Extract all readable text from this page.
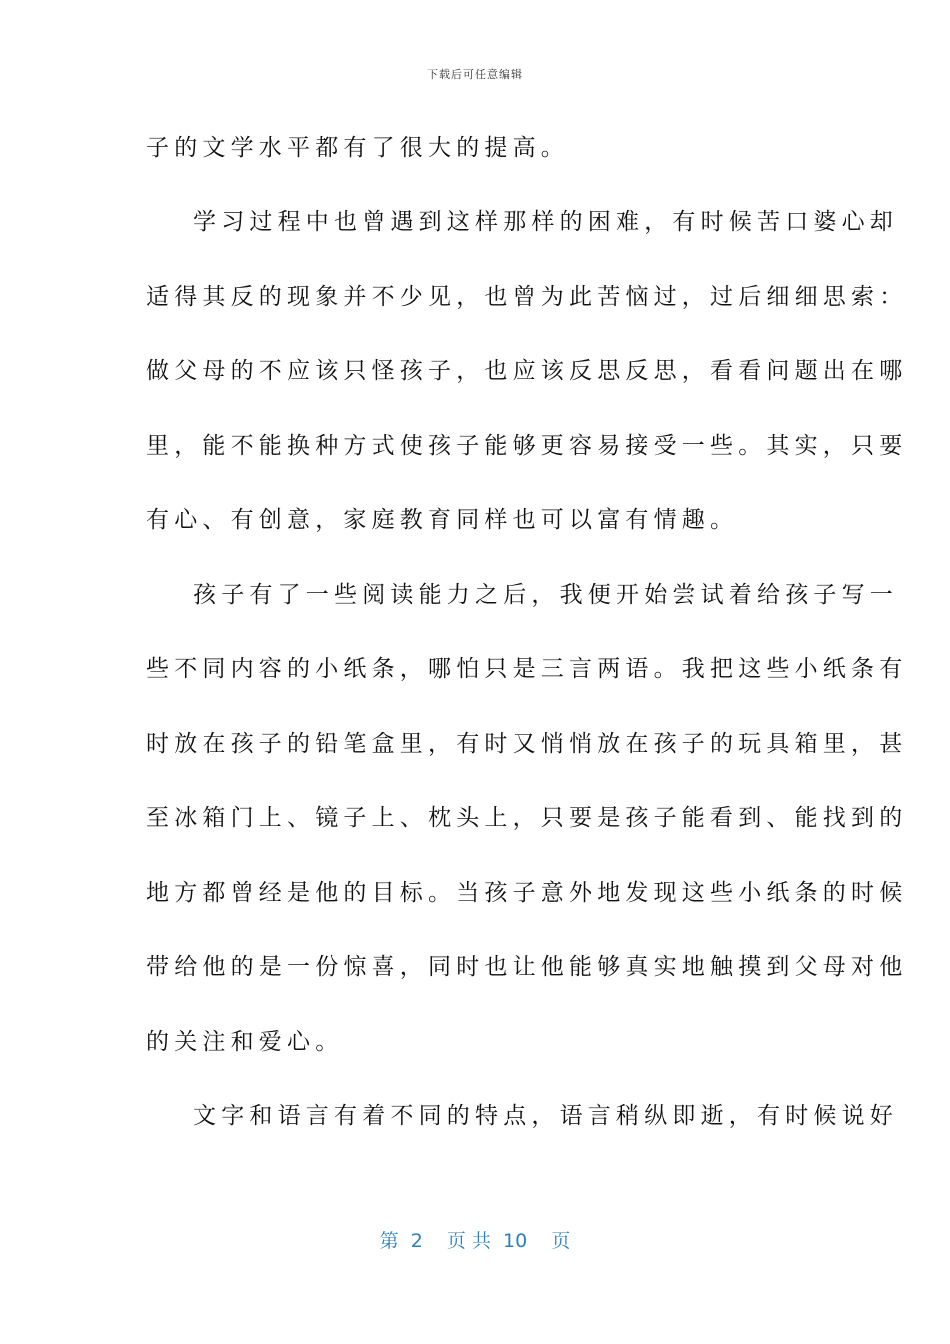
下载后可任意编辑
子的文学水平都有了很大的提高。
学习过程中也曾遇到这样那样的困难，有时候苦口婆心却
适得其反的现象并不少见，也曾为此苦恼过，过后细细思索：
做父母的不应该只怪孩子，也应该反思反思，看看问题出在哪
里，能不能换种方式使孩子能够更容易接受一些。其实，只要
有心、有创意，家庭教育同样也可以富有情趣。
孩子有了一些阅读能力之后，我便开始尝试着给孩子写一
些不同内容的小纸条，哪怕只是三言两语。我把这些小纸条有
时放在孩子的铅笔盒里，有时又悄悄放在孩子的玩具箱里，甚
至冰箱门上、镜子上、枕头上，只要是孩子能看到、能找到的
地方都曾经是他的目标。当孩子意外地发现这些小纸条的时候
带给他的是一份惊喜，同时也让他能够真实地触摸到父母对他
的关注和爱心。
文字和语言有着不同的特点，语言稍纵即逝，有时候说好
第  2    页 共  10    页
